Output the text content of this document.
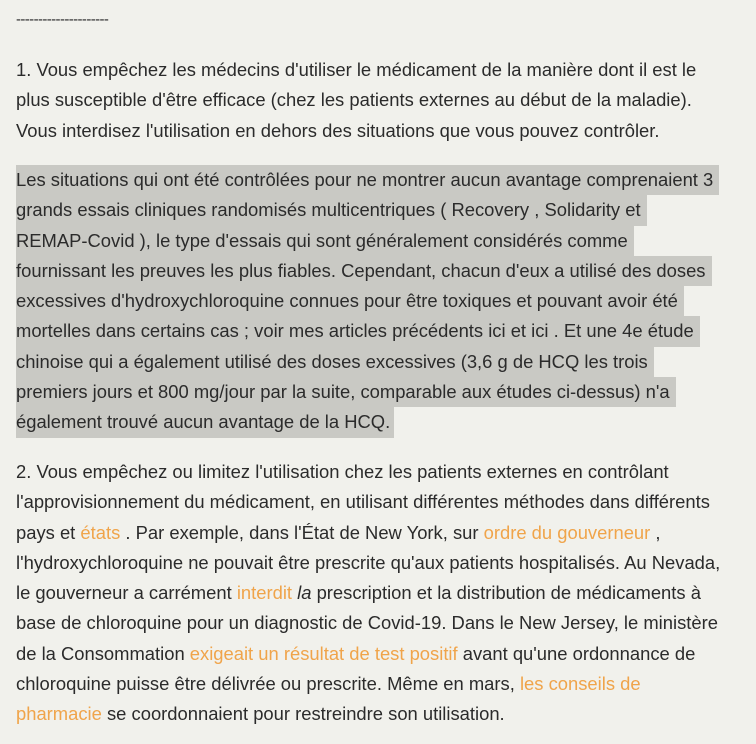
---------------------
1. Vous empêchez les médecins d'utiliser le médicament de la manière dont il est le
plus susceptible d'être efficace (chez les patients externes au début de la maladie).
Vous interdisez l'utilisation en dehors des situations que vous pouvez contrôler.
Les situations qui ont été contrôlées pour ne montrer aucun avantage comprenaient 3
grands essais cliniques randomisés multicentriques ( Recovery , Solidarity et
REMAP-Covid ), le type d'essais qui sont généralement considérés comme
fournissant les preuves les plus fiables. Cependant, chacun d'eux a utilisé des doses
excessives d'hydroxychloroquine connues pour être toxiques et pouvant avoir été
mortelles dans certains cas ; voir mes articles précédents ici et ici . Et une 4e étude
chinoise qui a également utilisé des doses excessives (3,6 g de HCQ les trois
premiers jours et 800 mg/jour par la suite, comparable aux études ci-dessus) n'a
également trouvé aucun avantage de la HCQ.
2. Vous empêchez ou limitez l'utilisation chez les patients externes en contrôlant
l'approvisionnement du médicament, en utilisant différentes méthodes dans différents
pays et états . Par exemple, dans l'État de New York, sur ordre du gouverneur ,
l'hydroxychloroquine ne pouvait être prescrite qu'aux patients hospitalisés. Au Nevada,
le gouverneur a carrément interdit la prescription et la distribution de médicaments à
base de chloroquine pour un diagnostic de Covid-19. Dans le New Jersey, le ministère
de la Consommation exigeait un résultat de test positif avant qu'une ordonnance de
chloroquine puisse être délivrée ou prescrite. Même en mars, les conseils de
pharmacie se coordonnaient pour restreindre son utilisation.
